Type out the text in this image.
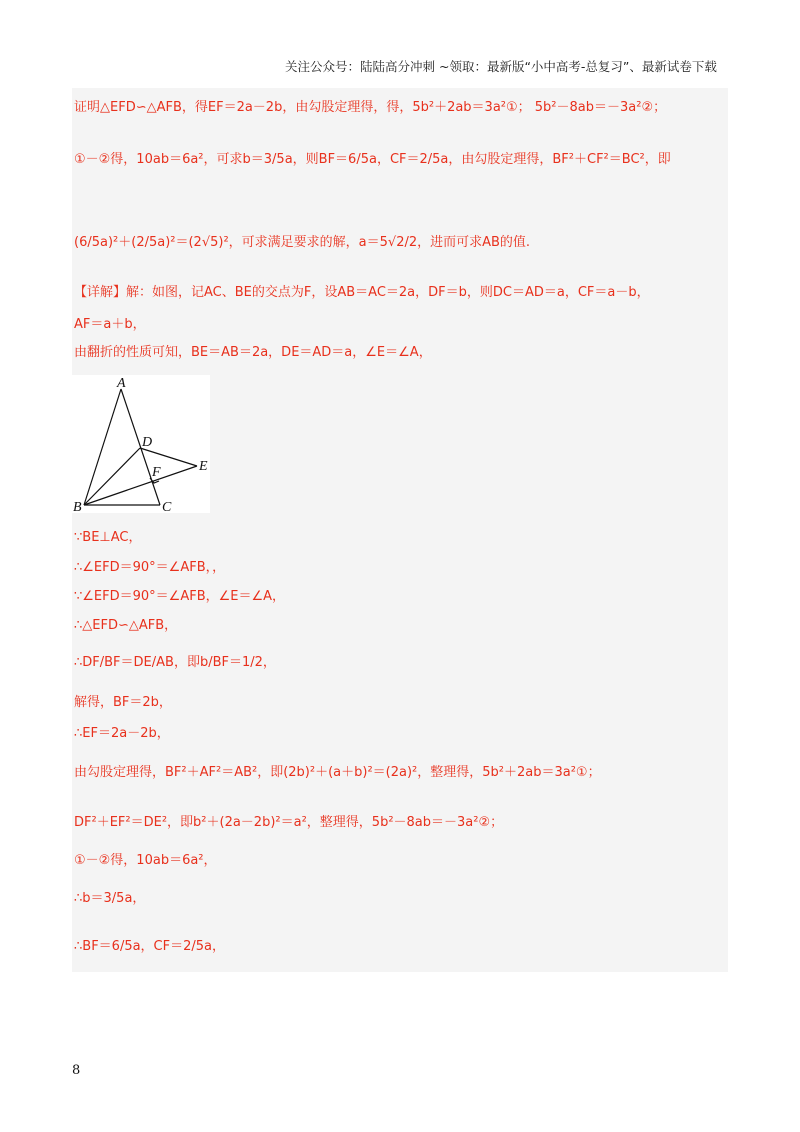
关注公众号：陆陆高分冲刺 ~领取：最新版“小中高考-总复习”、最新试卷下载
证明△EFD∽△AFB，得EF＝2a－2b，由勾股定理得，得，5b²＋2ab＝3a²①； 5b²－8ab＝－3a²②；
①－②得，10ab＝6a²，可求b＝3/5a，则BF＝6/5a，CF＝2/5a，由勾股定理得，BF²＋CF²＝BC²，即
(6/5a)²＋(2/5a)²＝(2√5)²，可求满足要求的解，a＝5√2/2，进而可求AB的值.
【详解】解：如图，记AC、BE的交点为F，设AB＝AC＝2a，DF＝b，则DC＝AD＝a，CF＝a－b，
AF＝a＋b，
由翻折的性质可知，BE＝AB＝2a，DE＝AD＝a，∠E＝∠A，
∵BE⊥AC，
∴∠EFD＝90°＝∠AFB，，
∵∠EFD＝90°＝∠AFB，∠E＝∠A，
∴△EFD∽△AFB，
∴DF/BF＝DE/AB，即b/BF＝1/2，
解得，BF＝2b，
∴EF＝2a－2b，
由勾股定理得，BF²＋AF²＝AB²，即(2b)²＋(a＋b)²＝(2a)²，整理得，5b²＋2ab＝3a²①；
DF²＋EF²＝DE²，即b²＋(2a－2b)²＝a²，整理得，5b²－8ab＝－3a²②；
①－②得，10ab＝6a²，
∴b＝3/5a，
∴BF＝6/5a，CF＝2/5a，
A
B	C
D
E
F
8
